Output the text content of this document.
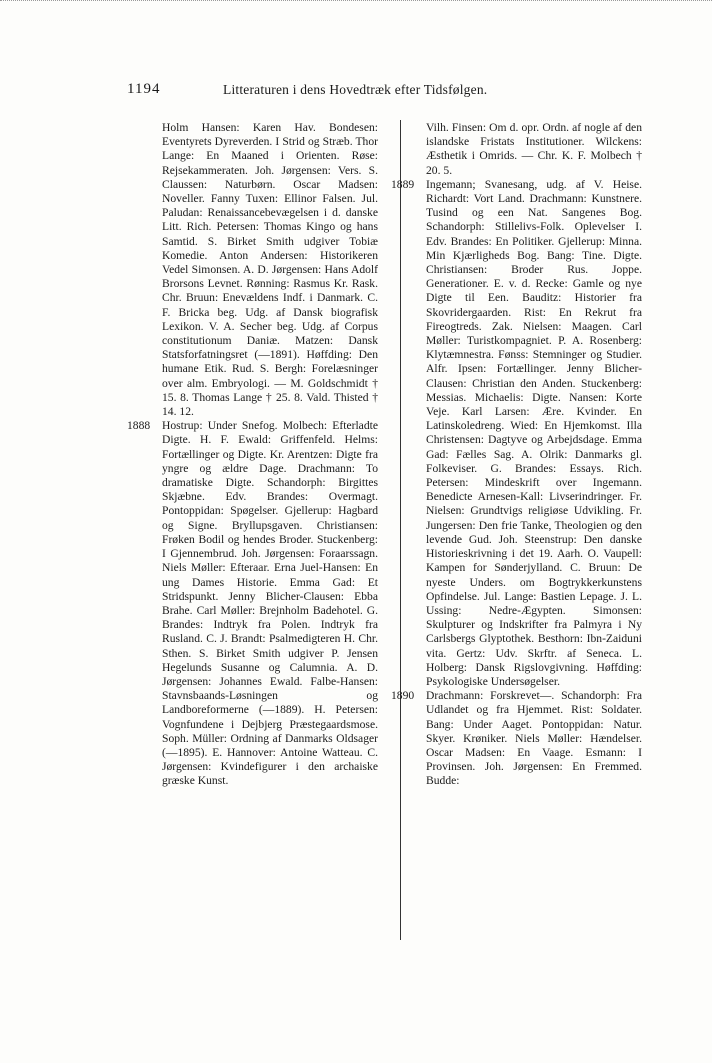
1194	Litteraturen i dens Hovedtræk efter Tidsfølgen.

Holm Hansen: Karen Hav. Bondesen: Eventyrets Dyreverden. I Strid og Stræb. Thor Lange: En Maaned i Orienten. Røse: Rejsekammeraten. Joh. Jørgensen: Vers. S. Claussen: Naturbørn. Oscar Madsen: Noveller. Fanny Tuxen: Ellinor Falsen. Jul. Paludan: Renaissancebevægelsen i d. danske Litt. Rich. Petersen: Thomas Kingo og hans Samtid. S. Birket Smith udgiver Tobiæ Komedie. Anton Andersen: Historikeren Vedel Simonsen. A. D. Jørgensen: Hans Adolf Brorsons Levnet. Rønning: Rasmus Kr. Rask. Chr. Bruun: Enevældens Indf. i Danmark. C. F. Bricka beg. Udg. af Dansk biografisk Lexikon. V. A. Secher beg. Udg. af Corpus constitutionum Daniæ. Matzen: Dansk Statsforfatningsret (—1891). Høffding: Den humane Etik. Rud. S. Bergh: Forelæsninger over alm. Embryologi. — M. Goldschmidt † 15. 8. Thomas Lange † 25. 8. Vald. Thisted † 14. 12.

1888 Hostrup: Under Snefog. Molbech: Efterladte Digte. H. F. Ewald: Griffenfeld. Helms: Fortællinger og Digte. Kr. Arentzen: Digte fra yngre og ældre Dage. Drachmann: To dramatiske Digte. Schandorph: Birgittes Skjæbne. Edv. Brandes: Overmagt. Pontoppidan: Spøgelser. Gjellerup: Hagbard og Signe. Bryllupsgaven. Christiansen: Frøken Bodil og hendes Broder. Stuckenberg: I Gjennembrud. Joh. Jørgensen: Foraarssagn. Niels Møller: Efteraar. Erna Juel-Hansen: En ung Dames Historie. Emma Gad: Et Stridspunkt. Jenny Blicher-Clausen: Ebba Brahe. Carl Møller: Brejnholm Badehotel. G. Brandes: Indtryk fra Polen. Indtryk fra Rusland. C. J. Brandt: Psalmedigteren H. Chr. Sthen. S. Birket Smith udgiver P. Jensen Hegelunds Susanne og Calumnia. A. D. Jørgensen: Johannes Ewald. Falbe-Hansen: Stavnsbaands-Løsningen og Landboreformerne (—1889). H. Petersen: Vognfundene i Dejbjerg Præstegaardsmose. Soph. Müller: Ordning af Danmarks Oldsager (—1895). E. Hannover: Antoine Watteau. C. Jørgensen: Kvindefigurer i den archaiske græske Kunst.

Vilh. Finsen: Om d. opr. Ordn. af nogle af den islandske Fristats Institutioner. Wilckens: Æsthetik i Omrids. — Chr. K. F. Molbech † 20. 5.

1889 Ingemann; Svanesang, udg. af V. Heise. Richardt: Vort Land. Drachmann: Kunstnere. Tusind og een Nat. Sangenes Bog. Schandorph: Stillelivs-Folk. Oplevelser I. Edv. Brandes: En Politiker. Gjellerup: Minna. Min Kjærligheds Bog. Bang: Tine. Digte. Christiansen: Broder Rus. Joppe. Generationer. E. v. d. Recke: Gamle og nye Digte til Een. Bauditz: Historier fra Skovridergaarden. Rist: En Rekrut fra Fireogtreds. Zak. Nielsen: Maagen. Carl Møller: Turistkompagniet. P. A. Rosenberg: Klytæmnestra. Fønss: Stemninger og Studier. Alfr. Ipsen: Fortællinger. Jenny Blicher-Clausen: Christian den Anden. Stuckenberg: Messias. Michaelis: Digte. Nansen: Korte Veje. Karl Larsen: Ære. Kvinder. En Latinskoledreng. Wied: En Hjemkomst. Illa Christensen: Dagtyve og Arbejdsdage. Emma Gad: Fælles Sag. A. Olrik: Danmarks gl. Folkeviser. G. Brandes: Essays. Rich. Petersen: Mindeskrift over Ingemann. Benedicte Arnesen-Kall: Livserindringer. Fr. Nielsen: Grundtvigs religiøse Udvikling. Fr. Jungersen: Den frie Tanke, Theologien og den levende Gud. Joh. Steenstrup: Den danske Historieskrivning i det 19. Aarh. O. Vaupell: Kampen for Sønderjylland. C. Bruun: De nyeste Unders. om Bogtrykkerkunstens Opfindelse. Jul. Lange: Bastien Lepage. J. L. Ussing: Nedre-Ægypten. Simonsen: Skulpturer og Indskrifter fra Palmyra i Ny Carlsbergs Glyptothek. Besthorn: Ibn-Zaiduni vita. Gertz: Udv. Skrftr. af Seneca. L. Holberg: Dansk Rigslovgivning. Høffding: Psykologiske Undersøgelser.

1890 Drachmann: Forskrevet—. Schandorph: Fra Udlandet og fra Hjemmet. Rist: Soldater. Bang: Under Aaget. Pontoppidan: Natur. Skyer. Krøniker. Niels Møller: Hændelser. Oscar Madsen: En Vaage. Esmann: I Provinsen. Joh. Jørgensen: En Fremmed. Budde:
